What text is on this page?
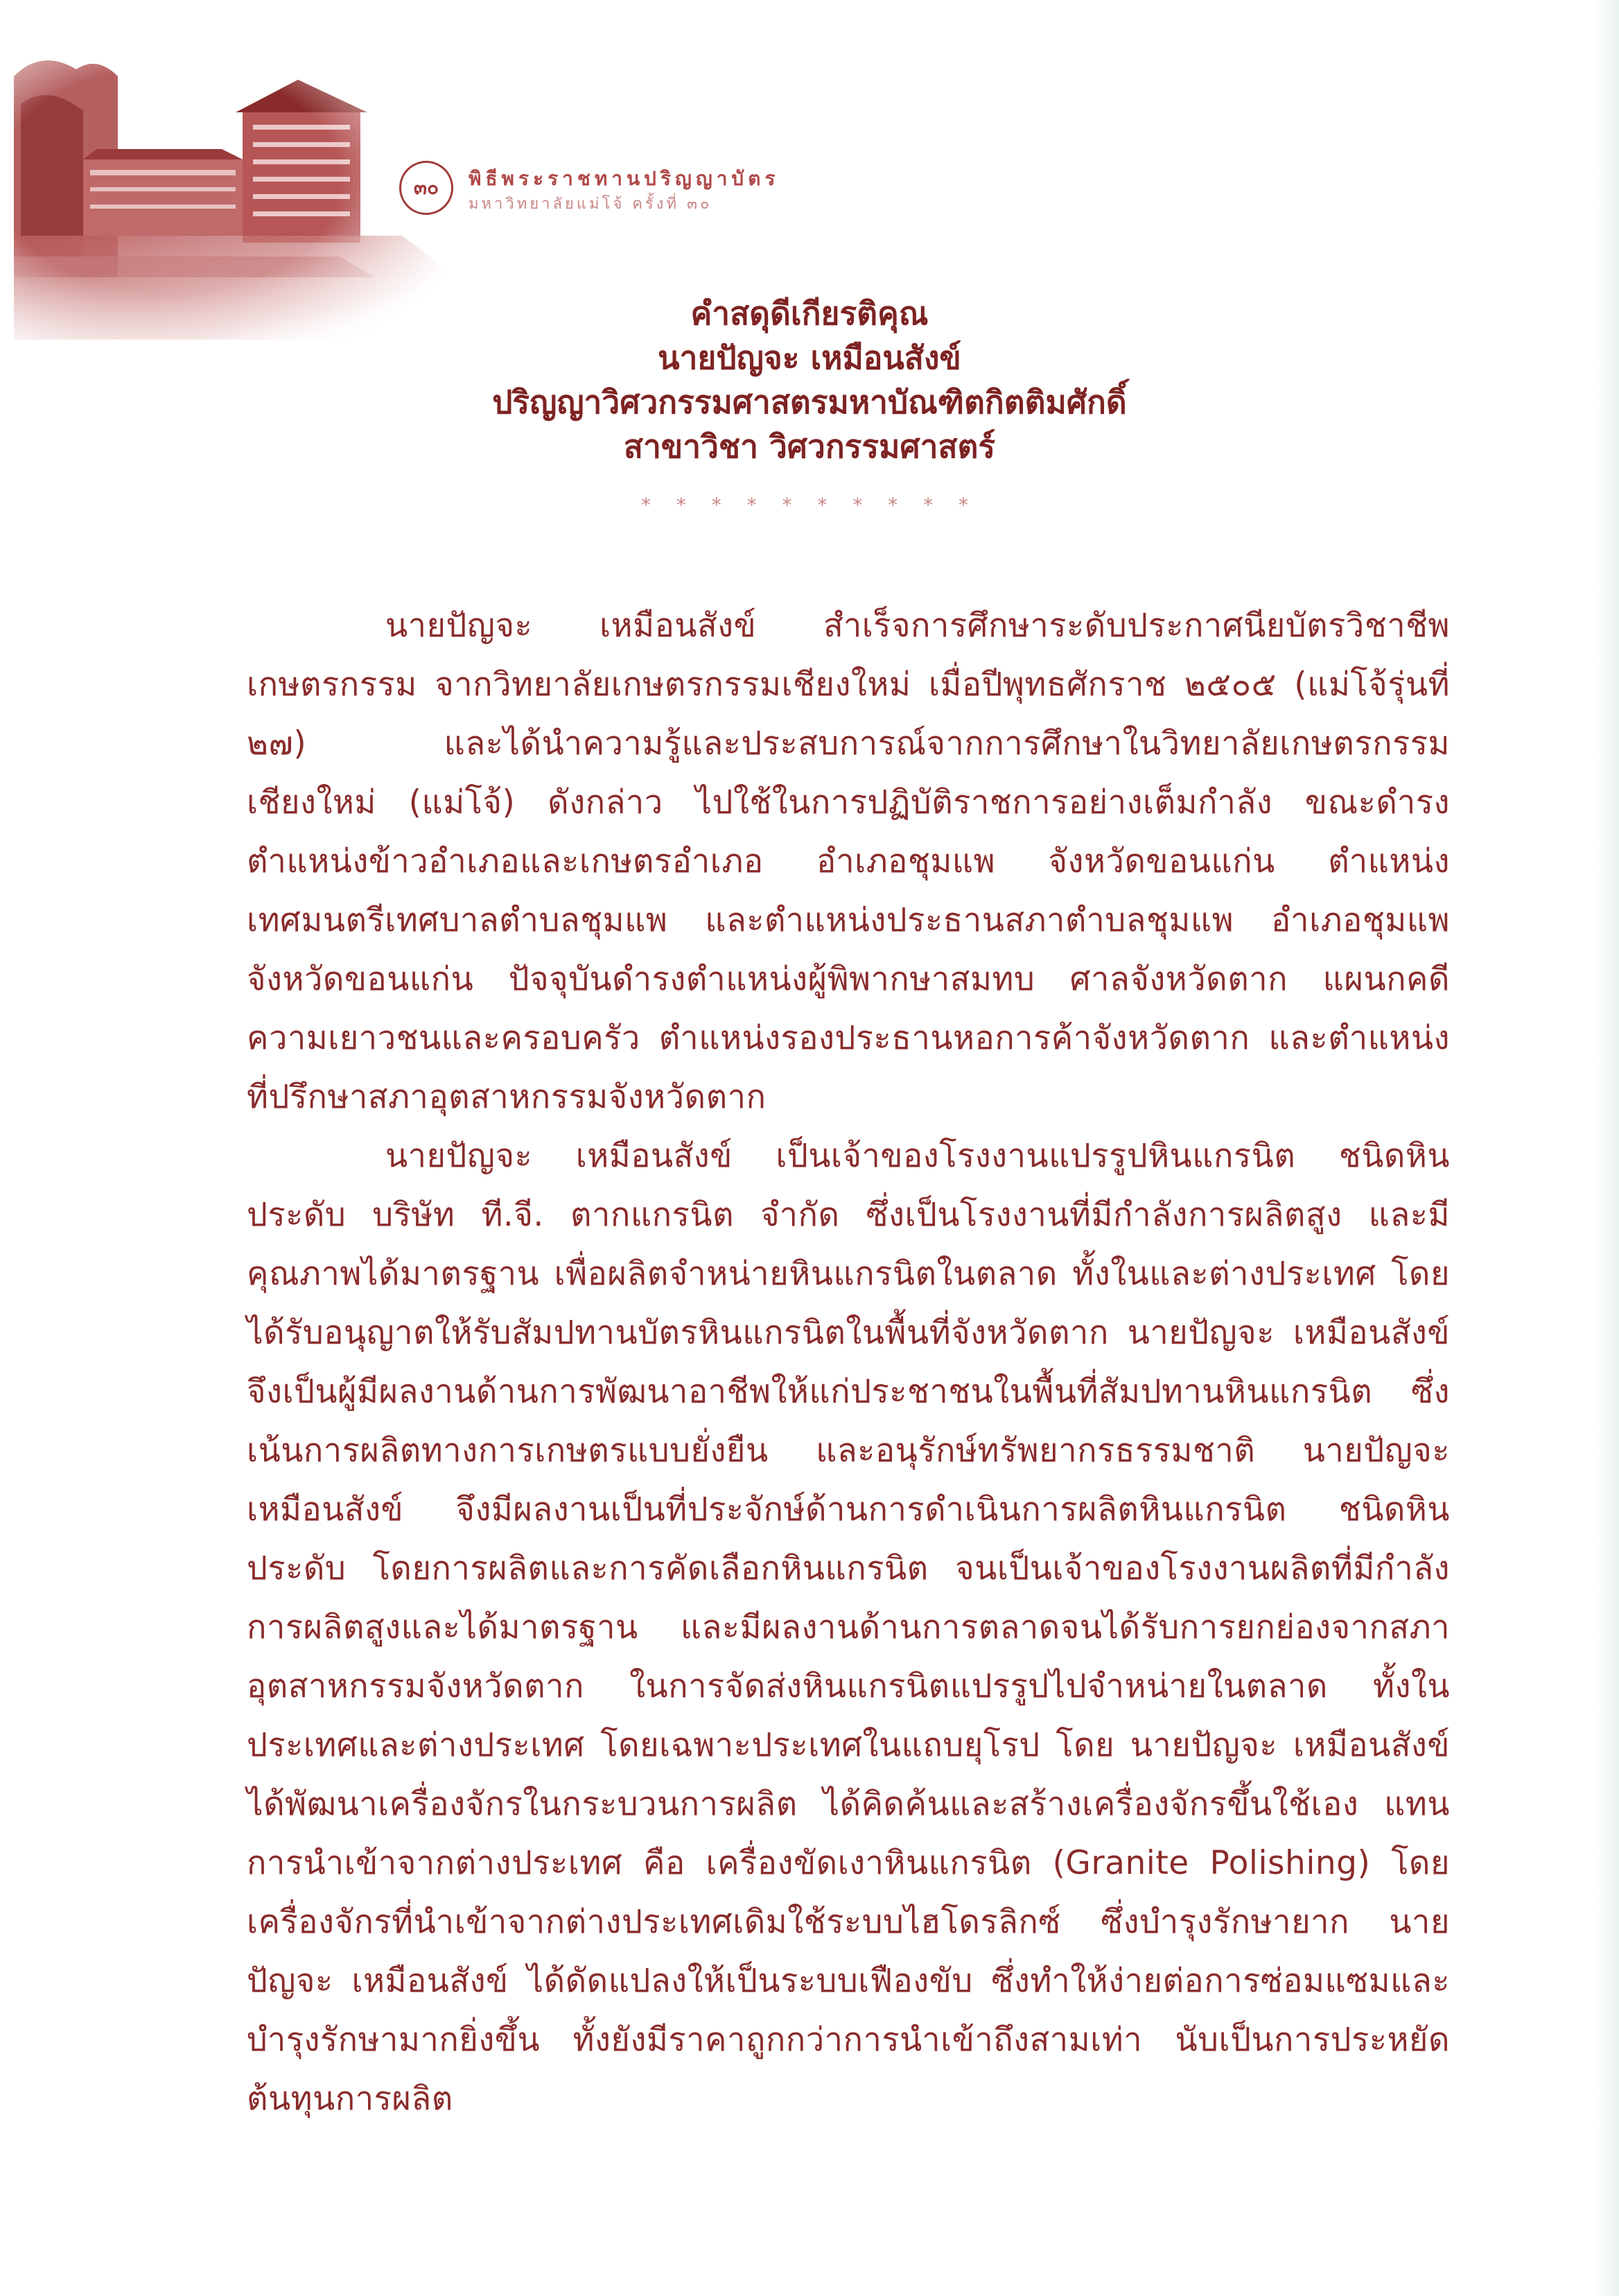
๓๐	พิธีพระราชทานปริญญาบัตร
มหาวิทยาลัยแม่โจ้ ครั้งที่ ๓๐

คำสดุดีเกียรติคุณ

นายปัญจะ เหมือนสังข์

ปริญญาวิศวกรรมศาสตรมหาบัณฑิตกิตติมศักดิ์

สาขาวิชา วิศวกรรมศาสตร์

* * * * * * * * * *

นายปัญจะ เหมือนสังข์ สำเร็จการศึกษาระดับประกาศนียบัตรวิชาชีพเกษตรกรรม จากวิทยาลัยเกษตรกรรมเชียงใหม่ เมื่อปีพุทธศักราช ๒๕๐๕ (แม่โจ้รุ่นที่ ๒๗) และได้นำความรู้และประสบการณ์จากการศึกษาในวิทยาลัยเกษตรกรรมเชียงใหม่ (แม่โจ้) ดังกล่าว ไปใช้ในการปฏิบัติราชการอย่างเต็มกำลัง ขณะดำรงตำแหน่งข้าวอำเภอและเกษตรอำเภอ อำเภอชุมแพ จังหวัดขอนแก่น ตำแหน่งเทศมนตรีเทศบาลตำบลชุมแพ และตำแหน่งประธานสภาตำบลชุมแพ อำเภอชุมแพ จังหวัดขอนแก่น ปัจจุบันดำรงตำแหน่งผู้พิพากษาสมทบ ศาลจังหวัดตาก แผนกคดีความเยาวชนและครอบครัว ตำแหน่งรองประธานหอการค้าจังหวัดตาก และตำแหน่งที่ปรึกษาสภาอุตสาหกรรมจังหวัดตาก

นายปัญจะ เหมือนสังข์ เป็นเจ้าของโรงงานแปรรูปหินแกรนิต ชนิดหินประดับ บริษัท ที.จี. ตากแกรนิต จำกัด ซึ่งเป็นโรงงานที่มีกำลังการผลิตสูง และมีคุณภาพได้มาตรฐาน เพื่อผลิตจำหน่ายหินแกรนิตในตลาด ทั้งในและต่างประเทศ โดยได้รับอนุญาตให้รับสัมปทานบัตรหินแกรนิตในพื้นที่จังหวัดตาก นายปัญจะ เหมือนสังข์ จึงเป็นผู้มีผลงานด้านการพัฒนาอาชีพให้แก่ประชาชนในพื้นที่สัมปทานหินแกรนิต ซึ่งเน้นการผลิตทางการเกษตรแบบยั่งยืน และอนุรักษ์ทรัพยากรธรรมชาติ นายปัญจะ เหมือนสังข์ จึงมีผลงานเป็นที่ประจักษ์ด้านการดำเนินการผลิตหินแกรนิต ชนิดหินประดับ โดยการผลิตและการคัดเลือกหินแกรนิต จนเป็นเจ้าของโรงงานผลิตที่มีกำลังการผลิตสูงและได้มาตรฐาน และมีผลงานด้านการตลาดจนได้รับการยกย่องจากสภาอุตสาหกรรมจังหวัดตาก ในการจัดส่งหินแกรนิตแปรรูปไปจำหน่ายในตลาด ทั้งในประเทศและต่างประเทศ โดยเฉพาะประเทศในแถบยุโรป โดย นายปัญจะ เหมือนสังข์ ได้พัฒนาเครื่องจักรในกระบวนการผลิต ได้คิดค้นและสร้างเครื่องจักรขึ้นใช้เอง แทนการนำเข้าจากต่างประเทศ คือ เครื่องขัดเงาหินแกรนิต (Granite Polishing) โดยเครื่องจักรที่นำเข้าจากต่างประเทศเดิมใช้ระบบไฮโดรลิกซ์ ซึ่งบำรุงรักษายาก นายปัญจะ เหมือนสังข์ ได้ดัดแปลงให้เป็นระบบเฟืองขับ ซึ่งทำให้ง่ายต่อการซ่อมแซมและบำรุงรักษามากยิ่งขึ้น ทั้งยังมีราคาถูกกว่าการนำเข้าถึงสามเท่า นับเป็นการประหยัดต้นทุนการผลิต
